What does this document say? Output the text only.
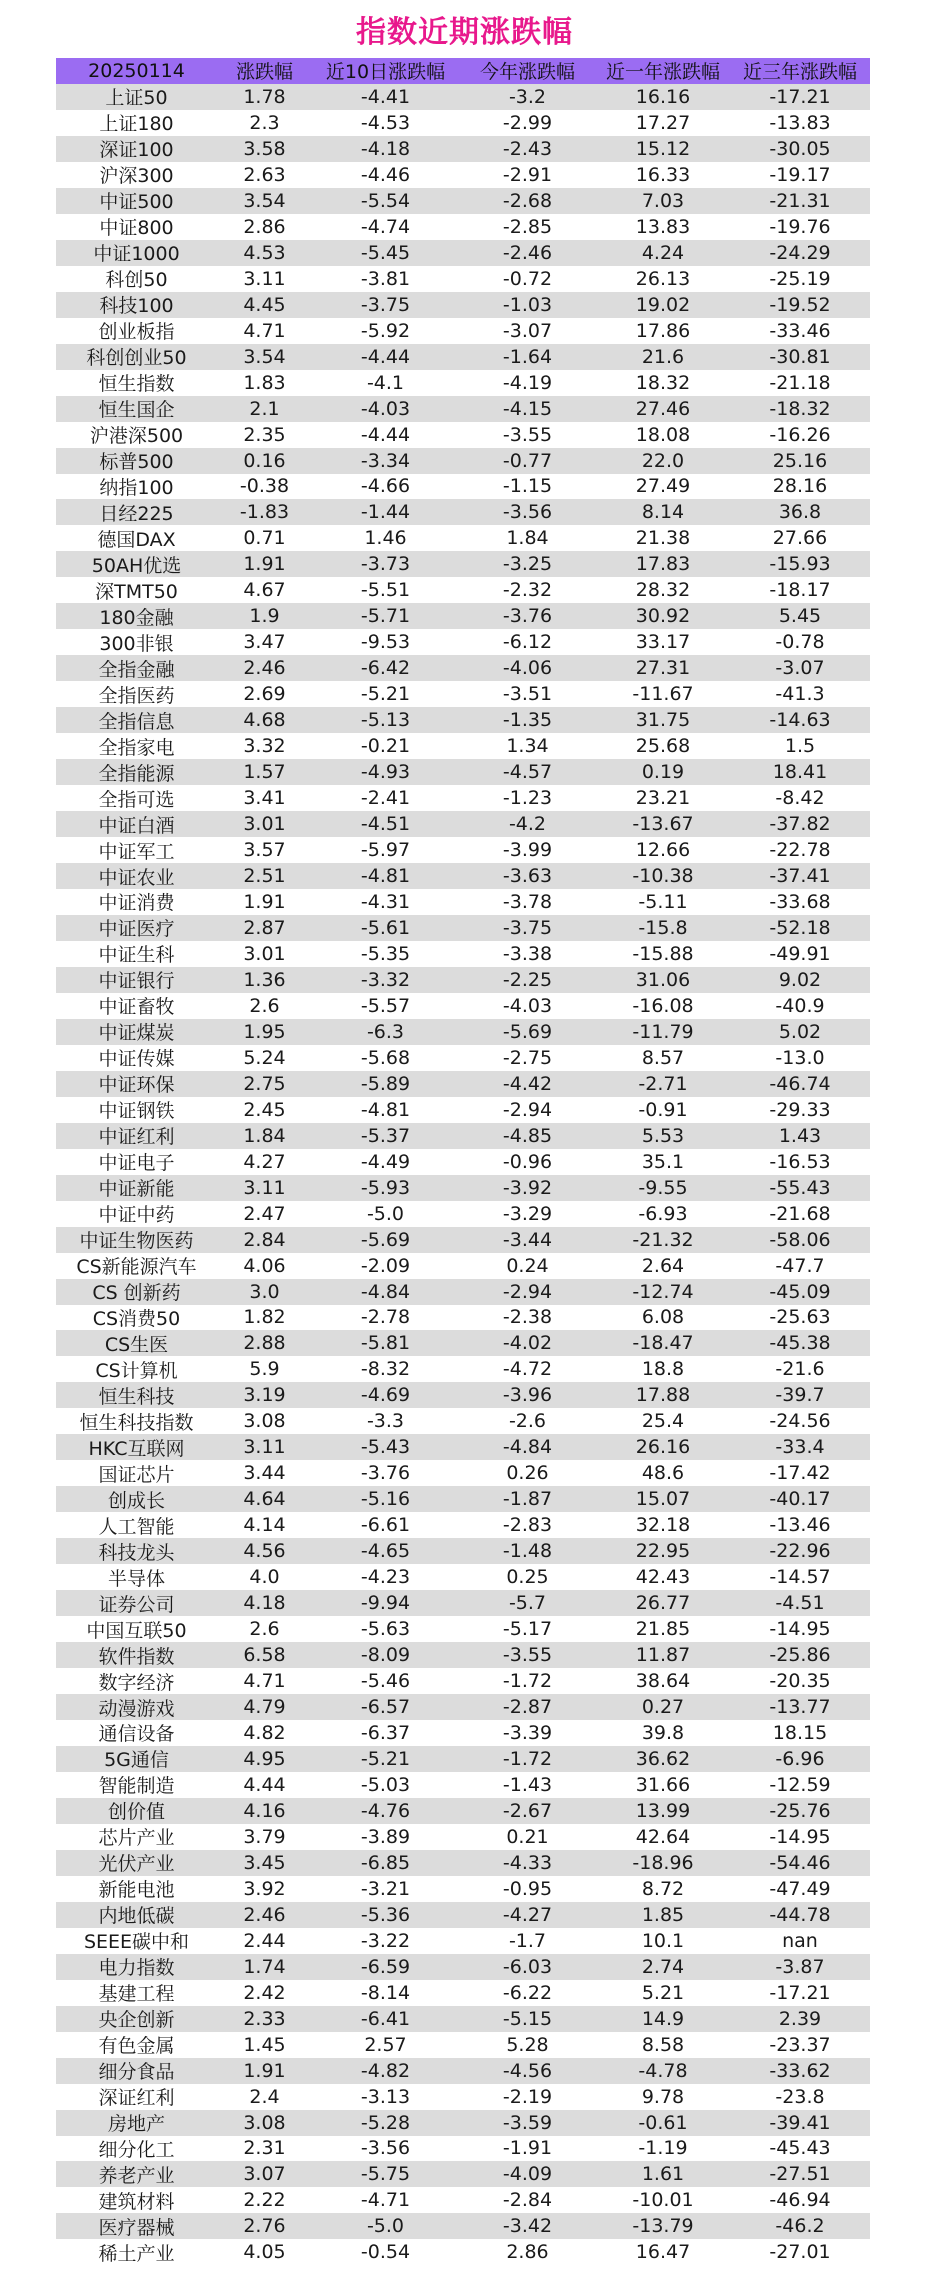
指数近期涨跌幅
20250114	涨跌幅	近10日涨跌幅	今年涨跌幅	近一年涨跌幅	近三年涨跌幅
上证50	1.78	-4.41	-3.2	16.16	-17.21
上证180	2.3	-4.53	-2.99	17.27	-13.83
深证100	3.58	-4.18	-2.43	15.12	-30.05
沪深300	2.63	-4.46	-2.91	16.33	-19.17
中证500	3.54	-5.54	-2.68	7.03	-21.31
中证800	2.86	-4.74	-2.85	13.83	-19.76
中证1000	4.53	-5.45	-2.46	4.24	-24.29
科创50	3.11	-3.81	-0.72	26.13	-25.19
科技100	4.45	-3.75	-1.03	19.02	-19.52
创业板指	4.71	-5.92	-3.07	17.86	-33.46
科创创业50	3.54	-4.44	-1.64	21.6	-30.81
恒生指数	1.83	-4.1	-4.19	18.32	-21.18
恒生国企	2.1	-4.03	-4.15	27.46	-18.32
沪港深500	2.35	-4.44	-3.55	18.08	-16.26
标普500	0.16	-3.34	-0.77	22.0	25.16
纳指100	-0.38	-4.66	-1.15	27.49	28.16
日经225	-1.83	-1.44	-3.56	8.14	36.8
德国DAX	0.71	1.46	1.84	21.38	27.66
50AH优选	1.91	-3.73	-3.25	17.83	-15.93
深TMT50	4.67	-5.51	-2.32	28.32	-18.17
180金融	1.9	-5.71	-3.76	30.92	5.45
300非银	3.47	-9.53	-6.12	33.17	-0.78
全指金融	2.46	-6.42	-4.06	27.31	-3.07
全指医药	2.69	-5.21	-3.51	-11.67	-41.3
全指信息	4.68	-5.13	-1.35	31.75	-14.63
全指家电	3.32	-0.21	1.34	25.68	1.5
全指能源	1.57	-4.93	-4.57	0.19	18.41
全指可选	3.41	-2.41	-1.23	23.21	-8.42
中证白酒	3.01	-4.51	-4.2	-13.67	-37.82
中证军工	3.57	-5.97	-3.99	12.66	-22.78
中证农业	2.51	-4.81	-3.63	-10.38	-37.41
中证消费	1.91	-4.31	-3.78	-5.11	-33.68
中证医疗	2.87	-5.61	-3.75	-15.8	-52.18
中证生科	3.01	-5.35	-3.38	-15.88	-49.91
中证银行	1.36	-3.32	-2.25	31.06	9.02
中证畜牧	2.6	-5.57	-4.03	-16.08	-40.9
中证煤炭	1.95	-6.3	-5.69	-11.79	5.02
中证传媒	5.24	-5.68	-2.75	8.57	-13.0
中证环保	2.75	-5.89	-4.42	-2.71	-46.74
中证钢铁	2.45	-4.81	-2.94	-0.91	-29.33
中证红利	1.84	-5.37	-4.85	5.53	1.43
中证电子	4.27	-4.49	-0.96	35.1	-16.53
中证新能	3.11	-5.93	-3.92	-9.55	-55.43
中证中药	2.47	-5.0	-3.29	-6.93	-21.68
中证生物医药	2.84	-5.69	-3.44	-21.32	-58.06
CS新能源汽车	4.06	-2.09	0.24	2.64	-47.7
CS 创新药	3.0	-4.84	-2.94	-12.74	-45.09
CS消费50	1.82	-2.78	-2.38	6.08	-25.63
CS生医	2.88	-5.81	-4.02	-18.47	-45.38
CS计算机	5.9	-8.32	-4.72	18.8	-21.6
恒生科技	3.19	-4.69	-3.96	17.88	-39.7
恒生科技指数	3.08	-3.3	-2.6	25.4	-24.56
HKC互联网	3.11	-5.43	-4.84	26.16	-33.4
国证芯片	3.44	-3.76	0.26	48.6	-17.42
创成长	4.64	-5.16	-1.87	15.07	-40.17
人工智能	4.14	-6.61	-2.83	32.18	-13.46
科技龙头	4.56	-4.65	-1.48	22.95	-22.96
半导体	4.0	-4.23	0.25	42.43	-14.57
证券公司	4.18	-9.94	-5.7	26.77	-4.51
中国互联50	2.6	-5.63	-5.17	21.85	-14.95
软件指数	6.58	-8.09	-3.55	11.87	-25.86
数字经济	4.71	-5.46	-1.72	38.64	-20.35
动漫游戏	4.79	-6.57	-2.87	0.27	-13.77
通信设备	4.82	-6.37	-3.39	39.8	18.15
5G通信	4.95	-5.21	-1.72	36.62	-6.96
智能制造	4.44	-5.03	-1.43	31.66	-12.59
创价值	4.16	-4.76	-2.67	13.99	-25.76
芯片产业	3.79	-3.89	0.21	42.64	-14.95
光伏产业	3.45	-6.85	-4.33	-18.96	-54.46
新能电池	3.92	-3.21	-0.95	8.72	-47.49
内地低碳	2.46	-5.36	-4.27	1.85	-44.78
SEEE碳中和	2.44	-3.22	-1.7	10.1	nan
电力指数	1.74	-6.59	-6.03	2.74	-3.87
基建工程	2.42	-8.14	-6.22	5.21	-17.21
央企创新	2.33	-6.41	-5.15	14.9	2.39
有色金属	1.45	2.57	5.28	8.58	-23.37
细分食品	1.91	-4.82	-4.56	-4.78	-33.62
深证红利	2.4	-3.13	-2.19	9.78	-23.8
房地产	3.08	-5.28	-3.59	-0.61	-39.41
细分化工	2.31	-3.56	-1.91	-1.19	-45.43
养老产业	3.07	-5.75	-4.09	1.61	-27.51
建筑材料	2.22	-4.71	-2.84	-10.01	-46.94
医疗器械	2.76	-5.0	-3.42	-13.79	-46.2
稀土产业	4.05	-0.54	2.86	16.47	-27.01
